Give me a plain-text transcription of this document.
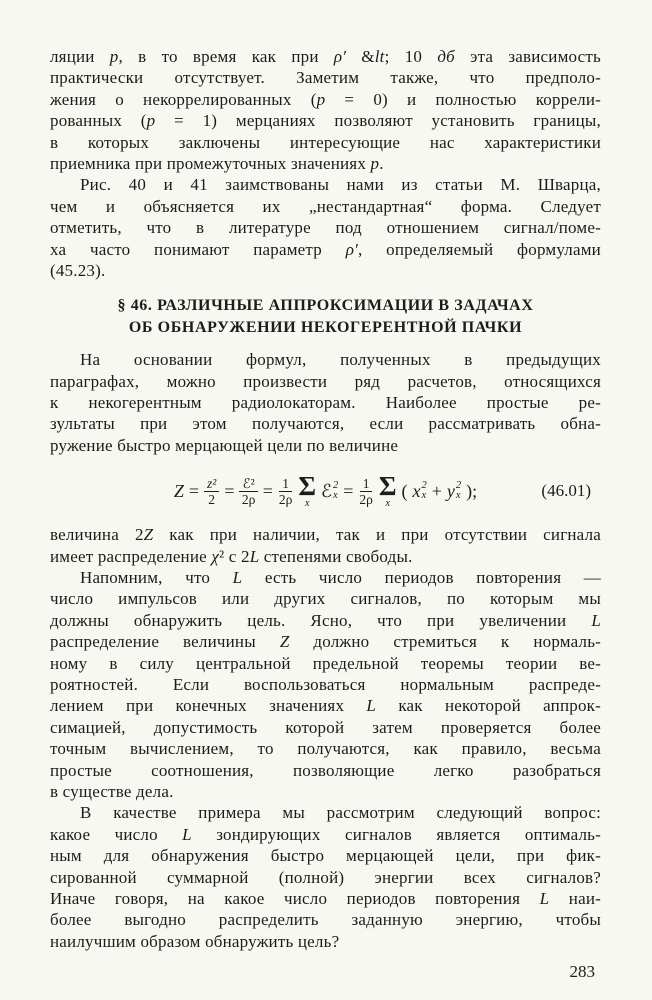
ляции p, в то время как при ρ′ &lt; 10 дб эта зависимость
практически отсутствует. Заметим также, что предполо-
жения о некоррелированных (p = 0) и полностью коррели-
рованных (p = 1) мерцаниях позволяют установить границы,
в которых заключены интересующие нас характеристики
приемника при промежуточных значениях p.
Рис. 40 и 41 заимствованы нами из статьи М. Шварца,
чем и объясняется их „нестандартная“ форма. Следует
отметить, что в литературе под отношением сигнал/поме-
ха часто понимают параметр ρ′, определяемый формулами
(45.23).
§ 46. РАЗЛИЧНЫЕ АППРОКСИМАЦИИ В ЗАДАЧАХ
ОБ ОБНАРУЖЕНИИ НЕКОГЕРЕНТНОЙ ПАЧКИ
На основании формул, полученных в предыдущих
параграфах, можно произвести ряд расчетов, относящихся
к некогерентным радиолокаторам. Наиболее простые ре-
зультаты при этом получаются, если рассматривать обна-
ружение быстро мерцающей цели по величине
$Z = \frac{\text{z²}}{2} = \frac{\text{ℰ²}}{2\rho} = \frac{1}{2\rho}$ Σ
х
ℰ 2
$х = \frac{1}{2\rho}$ Σ
х
( x 2
х + y 2
х );	(46.01)
величина 2Z как при наличии, так и при отсутствии сигнала
имеет распределение χ² с 2L степенями свободы.
Напомним, что L есть число периодов повторения —
число импульсов или других сигналов, по которым мы
должны обнаружить цель. Ясно, что при увеличении L
распределение величины Z должно стремиться к нормаль-
ному в силу центральной предельной теоремы теории ве-
роятностей. Если воспользоваться нормальным распреде-
лением при конечных значениях L как некоторой аппрок-
симацией, допустимость которой затем проверяется более
точным вычислением, то получаются, как правило, весьма
простые соотношения, позволяющие легко разобраться
в существе дела.
В качестве примера мы рассмотрим следующий вопрос:
какое число L зондирующих сигналов является оптималь-
ным для обнаружения быстро мерцающей цели, при фик-
сированной суммарной (полной) энергии всех сигналов?
Иначе говоря, на какое число периодов повторения L наи-
более выгодно распределить заданную энергию, чтобы
наилучшим образом обнаружить цель?
283
